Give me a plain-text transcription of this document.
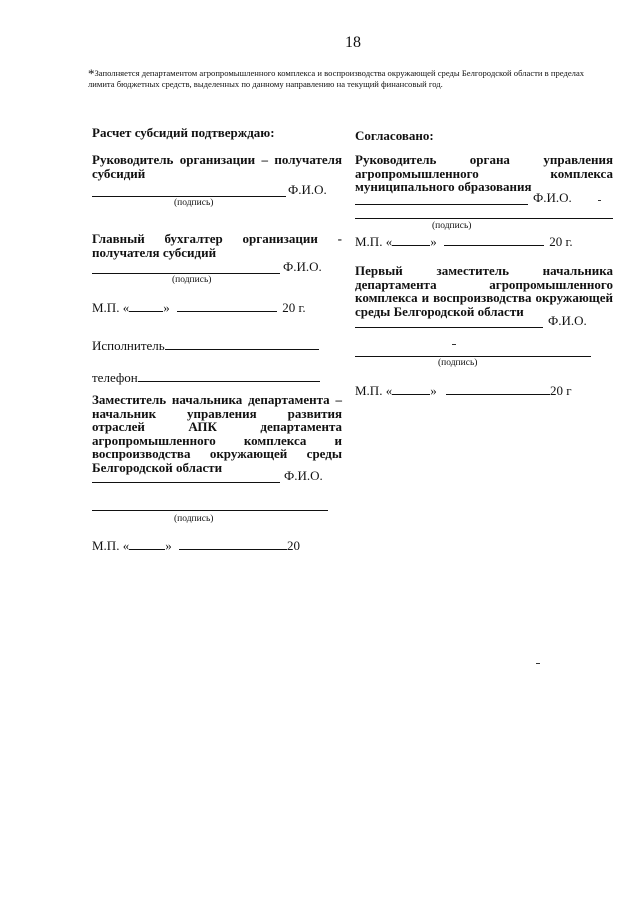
18
*Заполняется департаментом агропромышленного комплекса и воспроизводства окружающей среды Белгородской области в пределах лимита бюджетных средств, выделенных по данному направлению на текущий финансовый год.
Расчет субсидий подтверждаю:
Руководитель организации – получателя субсидий
Ф.И.О.
(подпись)
Главный бухгалтер организации - получателя субсидий
Ф.И.О.
(подпись)
М.П. «	»	20 г.
Исполнитель
телефон
Заместитель начальника департамента – начальник управления развития отраслей АПК департамента агропромышленного комплекса и воспроизводства окружающей среды Белгородской области
Ф.И.О.
(подпись)
М.П. «	»	20
Согласовано:
Руководитель органа управления агропромышленного комплекса муниципального образования
Ф.И.О.
(подпись)
М.П. «	»	20 г.
Первый заместитель начальника департамента агропромышленного комплекса и воспроизводства окружающей среды Белгородской области
Ф.И.О.
(подпись)
М.П. «	»	20 г
